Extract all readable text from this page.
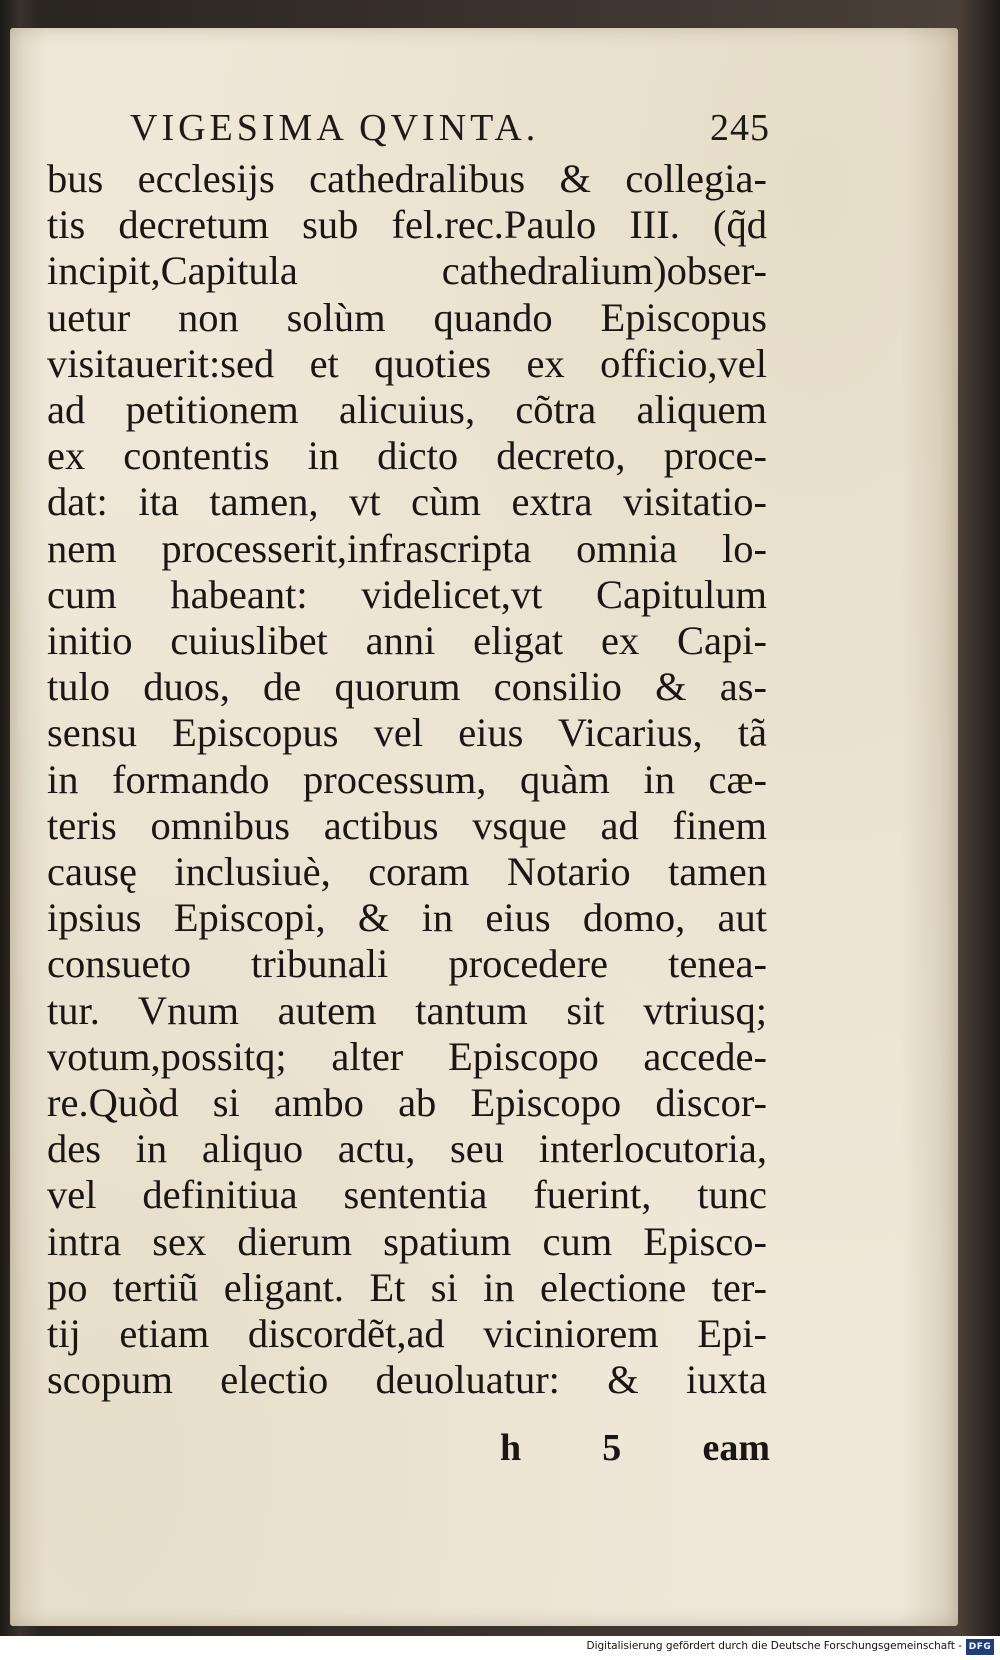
VIGESIMA QVINTA.	245
bus ecclesijs cathedralibus & collegia-
tis decretum sub fel.rec.Paulo III. (q̃d
incipit,Capitula cathedralium)obser-
uetur non solùm quando Episcopus
visitauerit:sed et quoties ex officio,vel
ad petitionem alicuius, cõtra aliquem
ex contentis in dicto decreto, proce-
dat: ita tamen, vt cùm extra visitatio-
nem processerit,infrascripta omnia lo-
cum habeant: videlicet,vt Capitulum
initio cuiuslibet anni eligat ex Capi-
tulo duos, de quorum consilio & as-
sensu Episcopus vel eius Vicarius, tã
in formando processum, quàm in cæ-
teris omnibus actibus vsque ad finem
causę inclusiuè, coram Notario tamen
ipsius Episcopi, & in eius domo, aut
consueto tribunali procedere tenea-
tur. Vnum autem tantum sit vtriusq;
votum,possitq; alter Episcopo accede-
re.Quòd si ambo ab Episcopo discor-
des in aliquo actu, seu interlocutoria,
vel definitiua sententia fuerint, tunc
intra sex dierum spatium cum Episco-
po tertiũ eligant. Et si in electione ter-
tij etiam discordẽt,ad viciniorem Epi-
scopum electio deuoluatur: & iuxta
h 5 eam
Digitalisierung gefördert durch die Deutsche Forschungsgemeinschaft - DFG
